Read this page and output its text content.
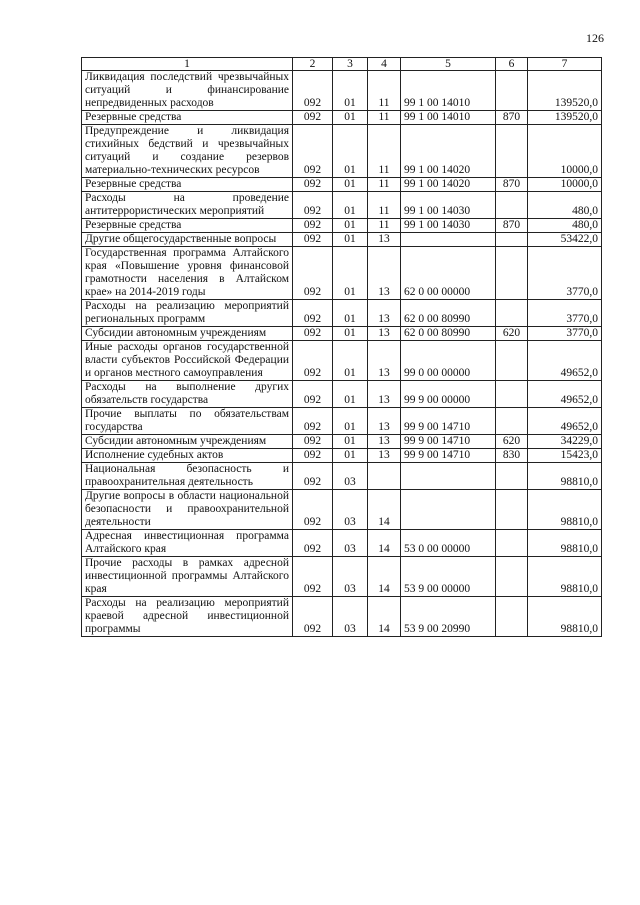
126
1	2	3	4	5	6	7
Ликвидация последствий чрезвычайных ситуаций и финансирование непредвиденных расходов	092	01	11	99 1 00 14010		139520,0
Резервные средства	092	01	11	99 1 00 14010	870	139520,0
Предупреждение и ликвидация стихийных бедствий и чрезвычайных ситуаций и создание резервов материально-технических ресурсов	092	01	11	99 1 00 14020		10000,0
Резервные средства	092	01	11	99 1 00 14020	870	10000,0
Расходы на проведение антитеррористических мероприятий	092	01	11	99 1 00 14030		480,0
Резервные средства	092	01	11	99 1 00 14030	870	480,0
Другие общегосударственные вопросы	092	01	13			53422,0
Государственная программа Алтайского края «Повышение уровня финансовой грамотности населения в Алтайском крае» на 2014-2019 годы	092	01	13	62 0 00 00000		3770,0
Расходы на реализацию мероприятий региональных программ	092	01	13	62 0 00 80990		3770,0
Субсидии автономным учреждениям	092	01	13	62 0 00 80990	620	3770,0
Иные расходы органов государственной власти субъектов Российской Федерации и органов местного самоуправления	092	01	13	99 0 00 00000		49652,0
Расходы на выполнение других обязательств государства	092	01	13	99 9 00 00000		49652,0
Прочие выплаты по обязательствам государства	092	01	13	99 9 00 14710		49652,0
Субсидии автономным учреждениям	092	01	13	99 9 00 14710	620	34229,0
Исполнение судебных актов	092	01	13	99 9 00 14710	830	15423,0
Национальная безопасность и правоохранительная деятельность	092	03				98810,0
Другие вопросы в области национальной безопасности и правоохранительной деятельности	092	03	14			98810,0
Адресная инвестиционная программа Алтайского края	092	03	14	53 0 00 00000		98810,0
Прочие расходы в рамках адресной инвестиционной программы Алтайского края	092	03	14	53 9 00 00000		98810,0
Расходы на реализацию мероприятий краевой адресной инвестиционной программы	092	03	14	53 9 00 20990		98810,0
